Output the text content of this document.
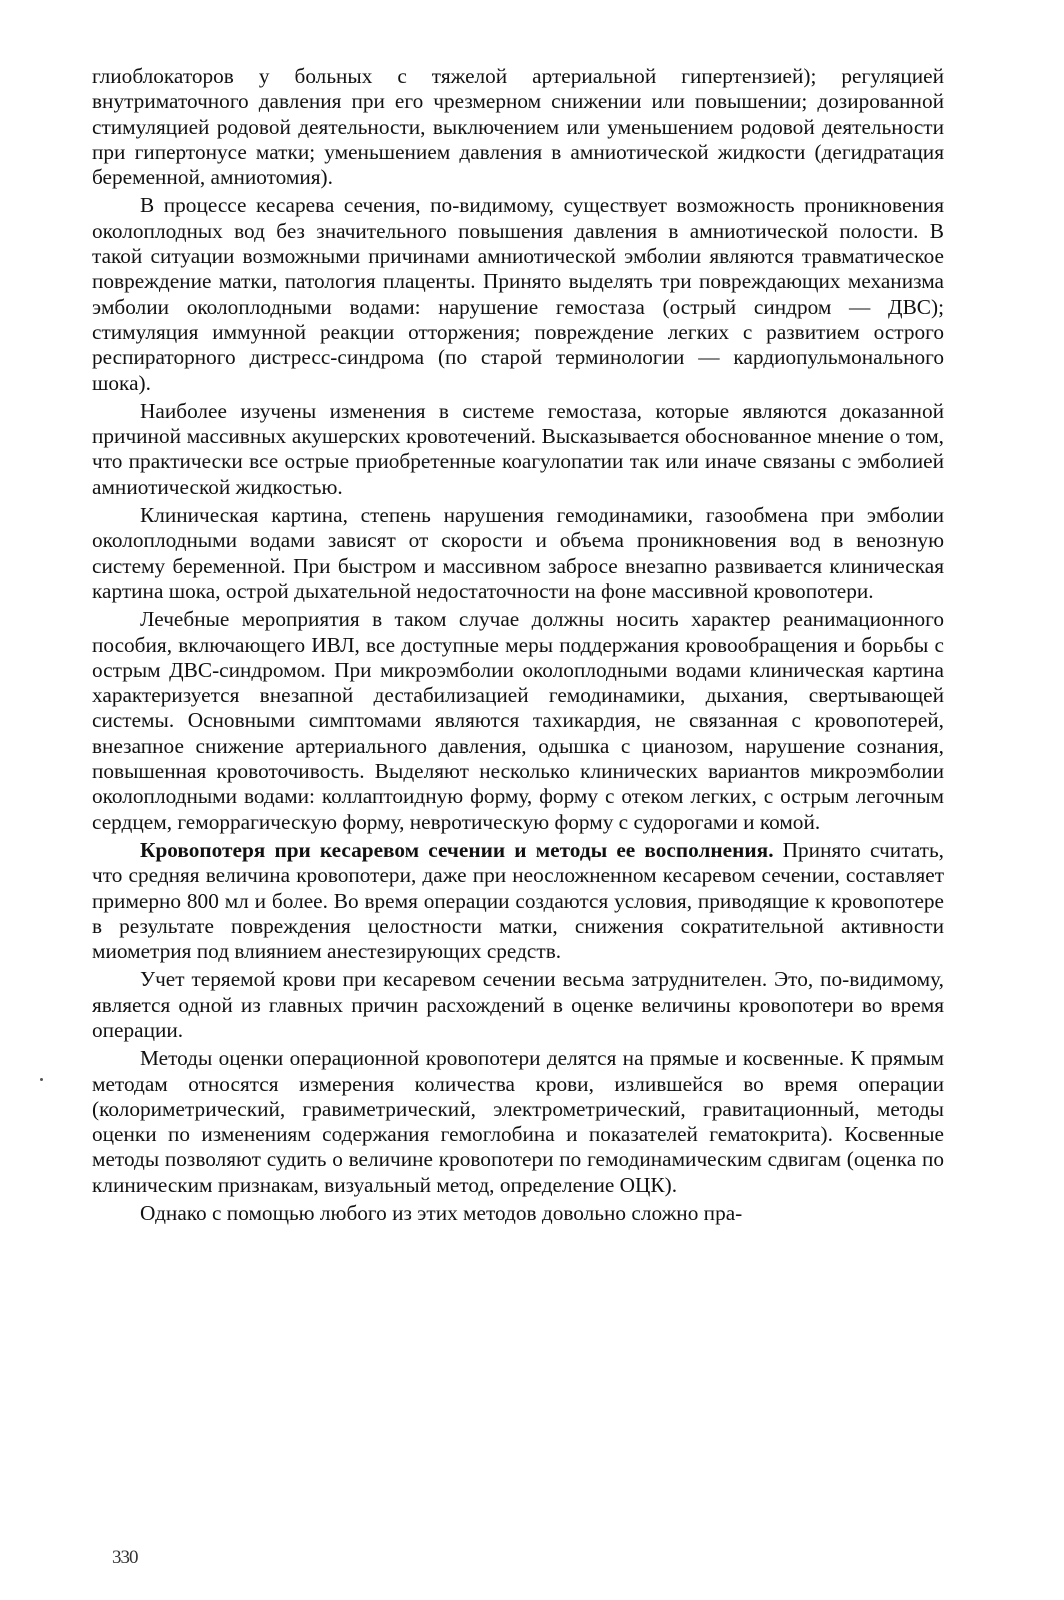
глиоблокаторов у больных с тяжелой артериальной гипертензией); регуляцией внутриматочного давления при его чрезмерном снижении или повышении; дозированной стимуляцией родовой деятельности, выключением или уменьшением родовой деятельности при гипертонусе матки; уменьшением давления в амниотической жидкости (дегидратация беременной, амниотомия).

В процессе кесарева сечения, по-видимому, существует возможность проникновения околоплодных вод без значительного повышения давления в амниотической полости. В такой ситуации возможными причинами амниотической эмболии являются травматическое повреждение матки, патология плаценты. Принято выделять три повреждающих механизма эмболии околоплодными водами: нарушение гемостаза (острый синдром — ДВС); стимуляция иммунной реакции отторжения; повреждение легких с развитием острого респираторного дистресс-синдрома (по старой терминологии — кардиопульмонального шока).

Наиболее изучены изменения в системе гемостаза, которые являются доказанной причиной массивных акушерских кровотечений. Высказывается обоснованное мнение о том, что практически все острые приобретенные коагулопатии так или иначе связаны с эмболией амниотической жидкостью.

Клиническая картина, степень нарушения гемодинамики, газообмена при эмболии околоплодными водами зависят от скорости и объема проникновения вод в венозную систему беременной. При быстром и массивном забросе внезапно развивается клиническая картина шока, острой дыхательной недостаточности на фоне массивной кровопотери.

Лечебные мероприятия в таком случае должны носить характер реанимационного пособия, включающего ИВЛ, все доступные меры поддержания кровообращения и борьбы с острым ДВС-синдромом. При микроэмболии околоплодными водами клиническая картина характеризуется внезапной дестабилизацией гемодинамики, дыхания, свертывающей системы. Основными симптомами являются тахикардия, не связанная с кровопотерей, внезапное снижение артериального давления, одышка с цианозом, нарушение сознания, повышенная кровоточивость. Выделяют несколько клинических вариантов микроэмболии околоплодными водами: коллаптоидную форму, форму с отеком легких, с острым легочным сердцем, геморрагическую форму, невротическую форму с судорогами и комой.

Кровопотеря при кесаревом сечении и методы ее восполнения. Принято считать, что средняя величина кровопотери, даже при неосложненном кесаревом сечении, составляет примерно 800 мл и более. Во время операции создаются условия, приводящие к кровопотере в результате повреждения целостности матки, снижения сократительной активности миометрия под влиянием анестезирующих средств.

Учет теряемой крови при кесаревом сечении весьма затруднителен. Это, по-видимому, является одной из главных причин расхождений в оценке величины кровопотери во время операции.

Методы оценки операционной кровопотери делятся на прямые и косвенные. К прямым методам относятся измерения количества крови, излившейся во время операции (колориметрический, гравиметрический, электрометрический, гравитационный, методы оценки по изменениям содержания гемоглобина и показателей гематокрита). Косвенные методы позволяют судить о величине кровопотери по гемодинамическим сдвигам (оценка по клиническим признакам, визуальный метод, определение ОЦК).

Однако с помощью любого из этих методов довольно сложно пра-

330
